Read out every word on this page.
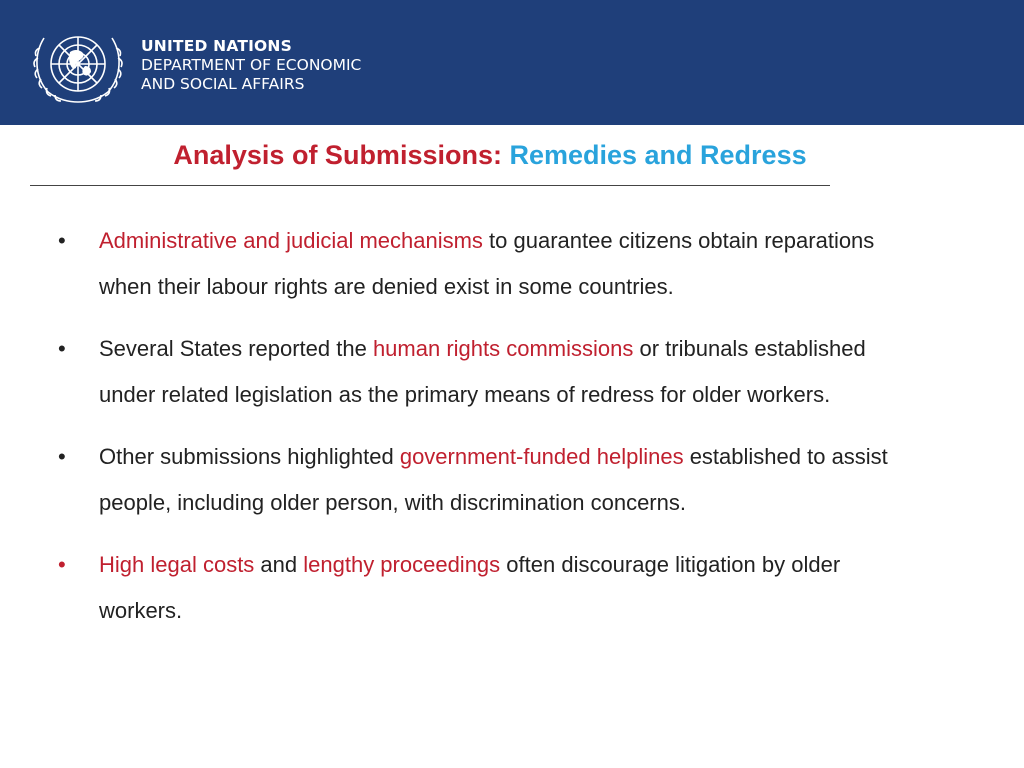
UNITED NATIONS
DEPARTMENT OF ECONOMIC
AND SOCIAL AFFAIRS
Analysis of Submissions: Remedies and Redress
• Administrative and judicial mechanisms to guarantee citizens obtain reparations when their labour rights are denied exist in some countries.
• Several States reported the human rights commissions or tribunals established under related legislation as the primary means of redress for older workers.
• Other submissions highlighted government-funded helplines established to assist people, including older person, with discrimination concerns.
• High legal costs and lengthy proceedings often discourage litigation by older workers.
